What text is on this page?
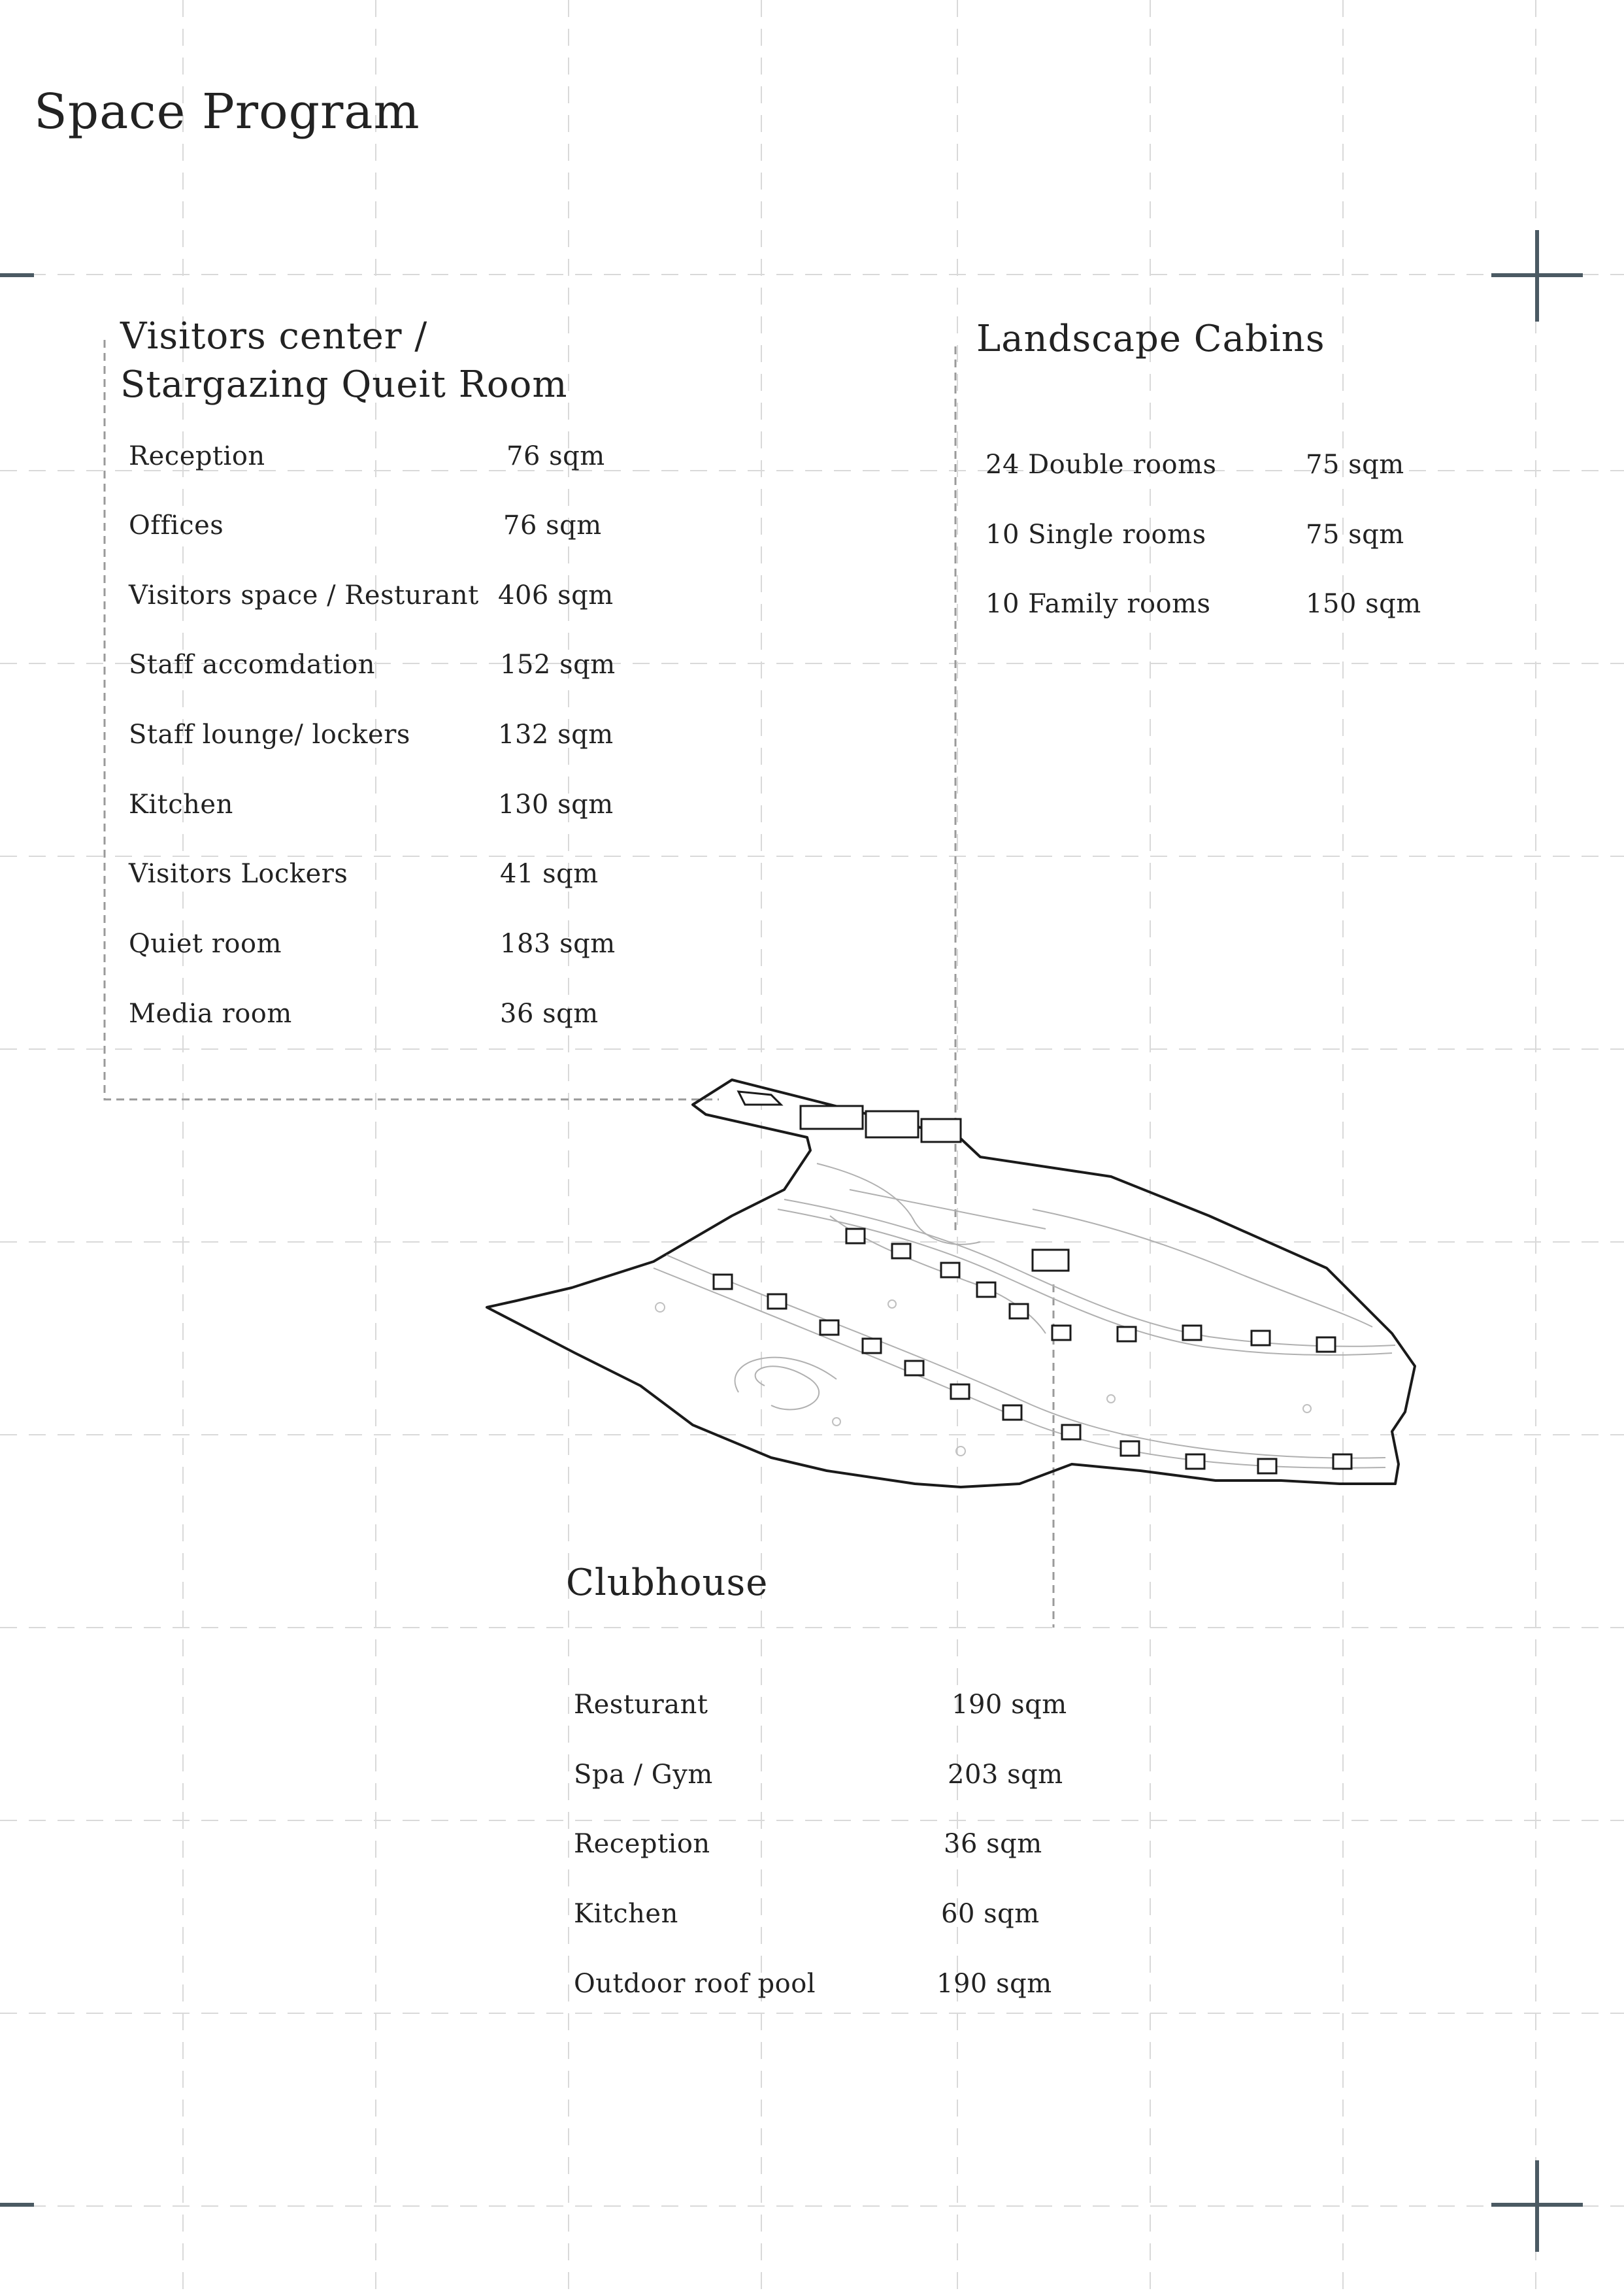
Space Program
Visitors center /
Stargazing Queit Room
Reception	76 sqm
Offices	76 sqm
Visitors space / Resturant 406 sqm
Staff accomdation	152 sqm
Staff lounge/ lockers	132 sqm
Kitchen	130 sqm
Visitors Lockers	41 sqm
Quiet room	183 sqm
Media room	36 sqm
Landscape Cabins
24 Double rooms	75 sqm
10 Single rooms	75 sqm
10 Family rooms	150 sqm
Clubhouse
Resturant	190 sqm
Spa / Gym	203 sqm
Reception	36 sqm
Kitchen	60 sqm
Outdoor roof pool	190 sqm
